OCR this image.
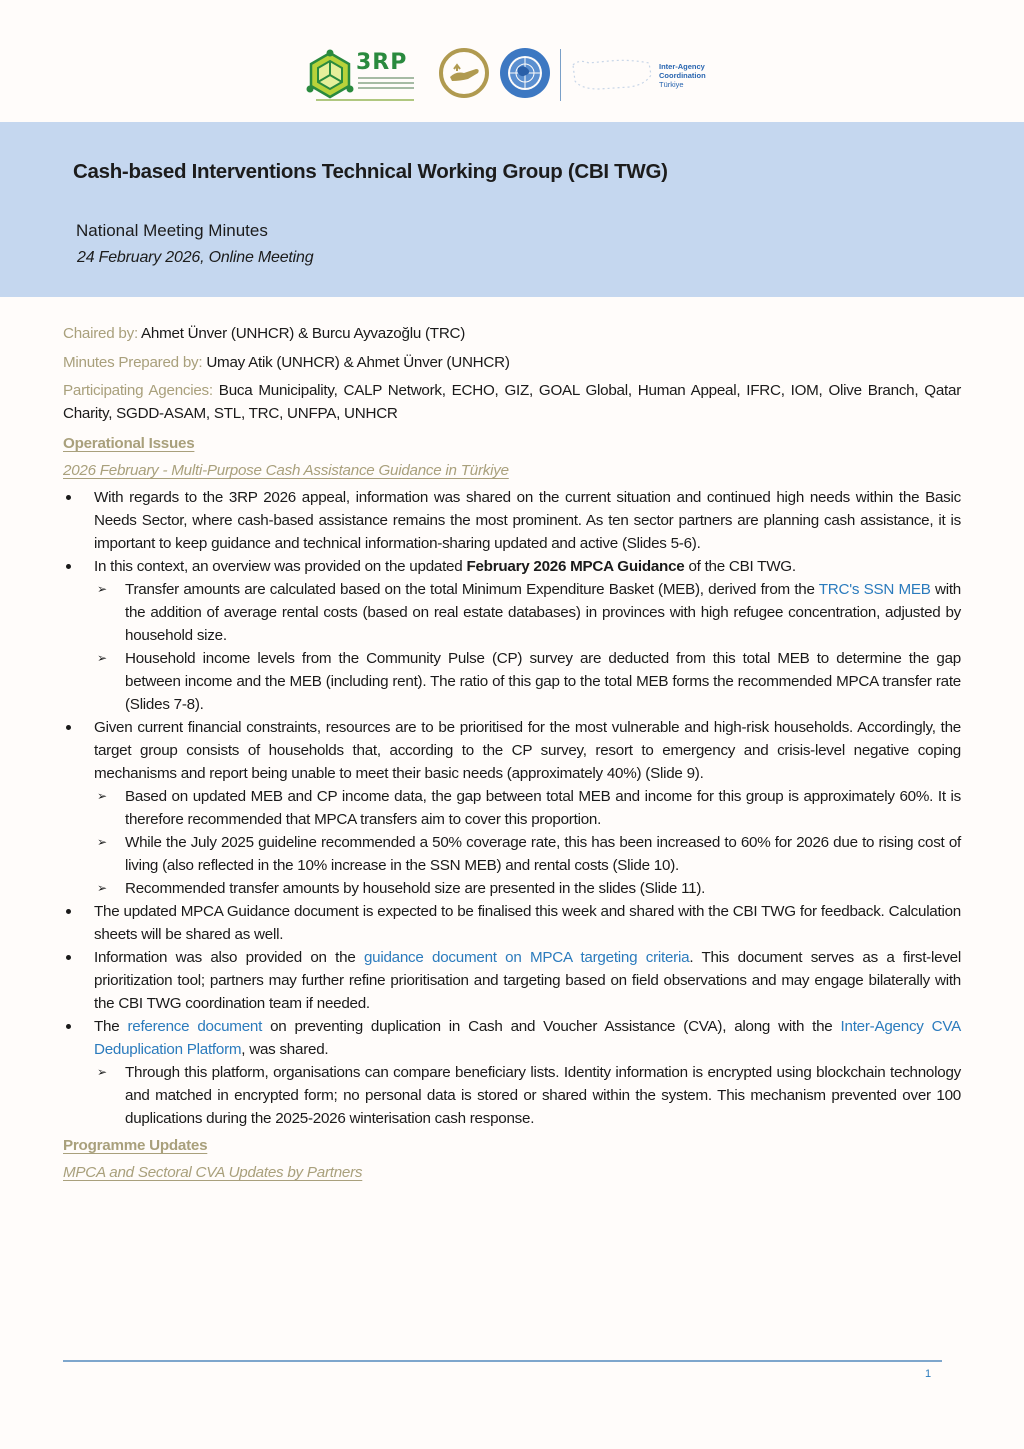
3RP	Inter-Agency
Coordination
Türkiye
Cash-based Interventions Technical Working Group (CBI TWG)
National Meeting Minutes
24 February 2026, Online Meeting
Chaired by: Ahmet Ünver (UNHCR) & Burcu Ayvazoğlu (TRC)
Minutes Prepared by: Umay Atik (UNHCR) & Ahmet Ünver (UNHCR)
Participating Agencies: Buca Municipality, CALP Network, ECHO, GIZ, GOAL Global, Human Appeal, IFRC, IOM, Olive Branch, Qatar Charity, SGDD-ASAM, STL, TRC, UNFPA, UNHCR
Operational Issues
2026 February - Multi-Purpose Cash Assistance Guidance in Türkiye
With regards to the 3RP 2026 appeal, information was shared on the current situation and continued high needs within the Basic Needs Sector, where cash-based assistance remains the most prominent. As ten sector partners are planning cash assistance, it is important to keep guidance and technical information-sharing updated and active (Slides 5-6).
In this context, an overview was provided on the updated February 2026 MPCA Guidance of the CBI TWG.
➢ Transfer amounts are calculated based on the total Minimum Expenditure Basket (MEB), derived from the TRC's SSN MEB with the addition of average rental costs (based on real estate databases) in provinces with high refugee concentration, adjusted by household size.
➢ Household income levels from the Community Pulse (CP) survey are deducted from this total MEB to determine the gap between income and the MEB (including rent). The ratio of this gap to the total MEB forms the recommended MPCA transfer rate (Slides 7-8).
Given current financial constraints, resources are to be prioritised for the most vulnerable and high-risk households. Accordingly, the target group consists of households that, according to the CP survey, resort to emergency and crisis-level negative coping mechanisms and report being unable to meet their basic needs (approximately 40%) (Slide 9).
➢ Based on updated MEB and CP income data, the gap between total MEB and income for this group is approximately 60%. It is therefore recommended that MPCA transfers aim to cover this proportion.
➢ While the July 2025 guideline recommended a 50% coverage rate, this has been increased to 60% for 2026 due to rising cost of living (also reflected in the 10% increase in the SSN MEB) and rental costs (Slide 10).
➢ Recommended transfer amounts by household size are presented in the slides (Slide 11).
The updated MPCA Guidance document is expected to be finalised this week and shared with the CBI TWG for feedback. Calculation sheets will be shared as well.
Information was also provided on the guidance document on MPCA targeting criteria. This document serves as a first-level prioritization tool; partners may further refine prioritisation and targeting based on field observations and may engage bilaterally with the CBI TWG coordination team if needed.
The reference document on preventing duplication in Cash and Voucher Assistance (CVA), along with the Inter-Agency CVA Deduplication Platform, was shared.
➢ Through this platform, organisations can compare beneficiary lists. Identity information is encrypted using blockchain technology and matched in encrypted form; no personal data is stored or shared within the system. This mechanism prevented over 100 duplications during the 2025-2026 winterisation cash response.
Programme Updates
MPCA and Sectoral CVA Updates by Partners
1
